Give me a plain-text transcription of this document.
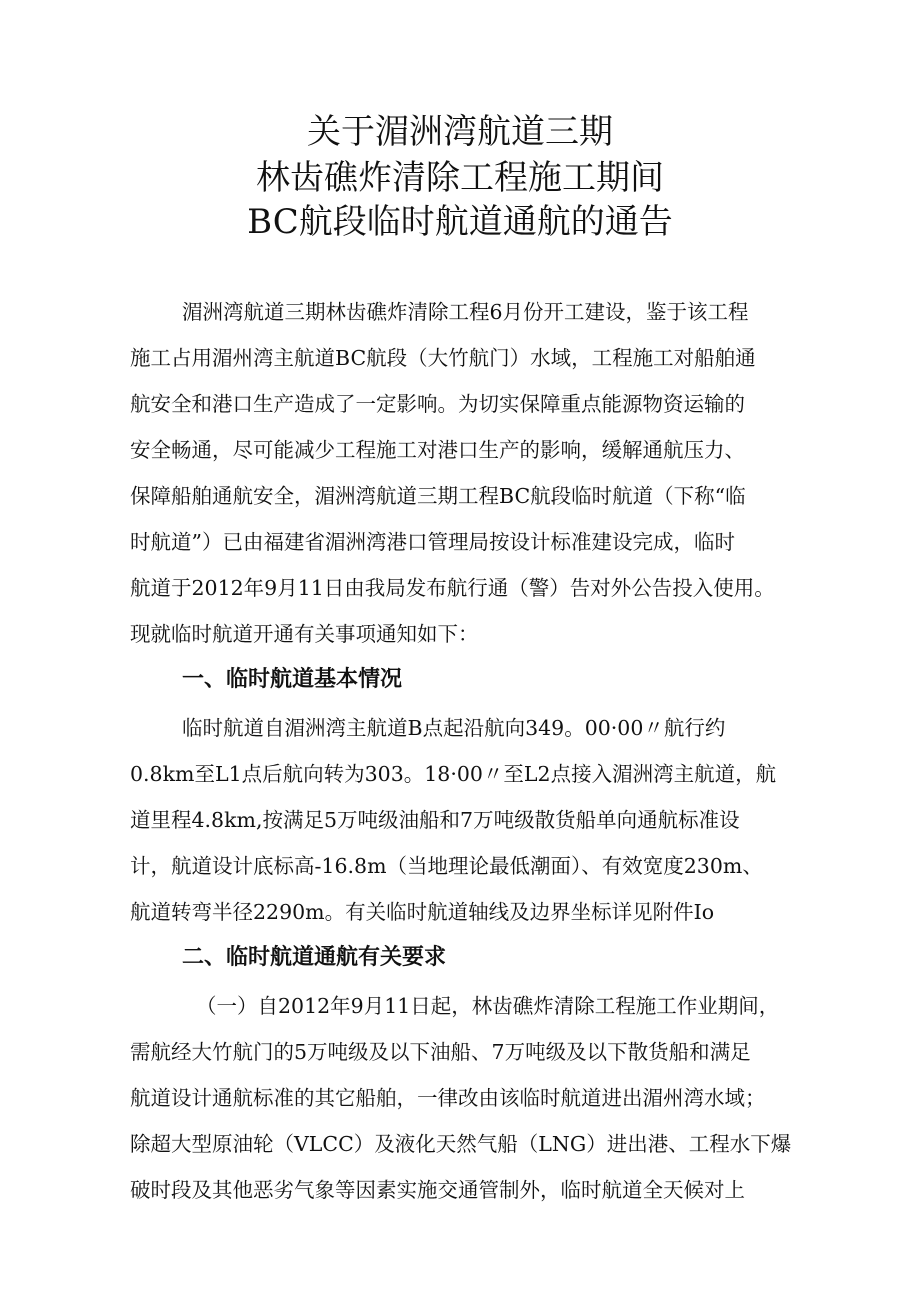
关于湄洲湾航道三期
林齿礁炸清除工程施工期间
BC航段临时航道通航的通告
湄洲湾航道三期林齿礁炸清除工程6月份开工建设，鉴于该工程
施工占用湄州湾主航道BC航段（大竹航门）水域，工程施工对船舶通
航安全和港口生产造成了一定影响。为切实保障重点能源物资运输的
安全畅通，尽可能减少工程施工对港口生产的影响，缓解通航压力、
保障船舶通航安全，湄洲湾航道三期工程BC航段临时航道（下称“临
时航道”）已由福建省湄洲湾港口管理局按设计标准建设完成，临时
航道于2012年9月11日由我局发布航行通（警）告对外公告投入使用。
现就临时航道开通有关事项通知如下：
一、临时航道基本情况
临时航道自湄洲湾主航道B点起沿航向349。00·00〃航行约
0.8km至L1点后航向转为303。18·00〃至L2点接入湄洲湾主航道，航
道里程4.8km,按满足5万吨级油船和7万吨级散货船单向通航标准设
计，航道设计底标高-16.8m（当地理论最低潮面）、有效宽度230m、
航道转弯半径2290m。有关临时航道轴线及边界坐标详见附件Io
二、临时航道通航有关要求
（一）自2012年9月11日起，林齿礁炸清除工程施工作业期间，
需航经大竹航门的5万吨级及以下油船、7万吨级及以下散货船和满足
航道设计通航标准的其它船舶，一律改由该临时航道进出湄州湾水域；
除超大型原油轮（VLCC）及液化天然气船（LNG）进出港、工程水下爆
破时段及其他恶劣气象等因素实施交通管制外，临时航道全天候对上
